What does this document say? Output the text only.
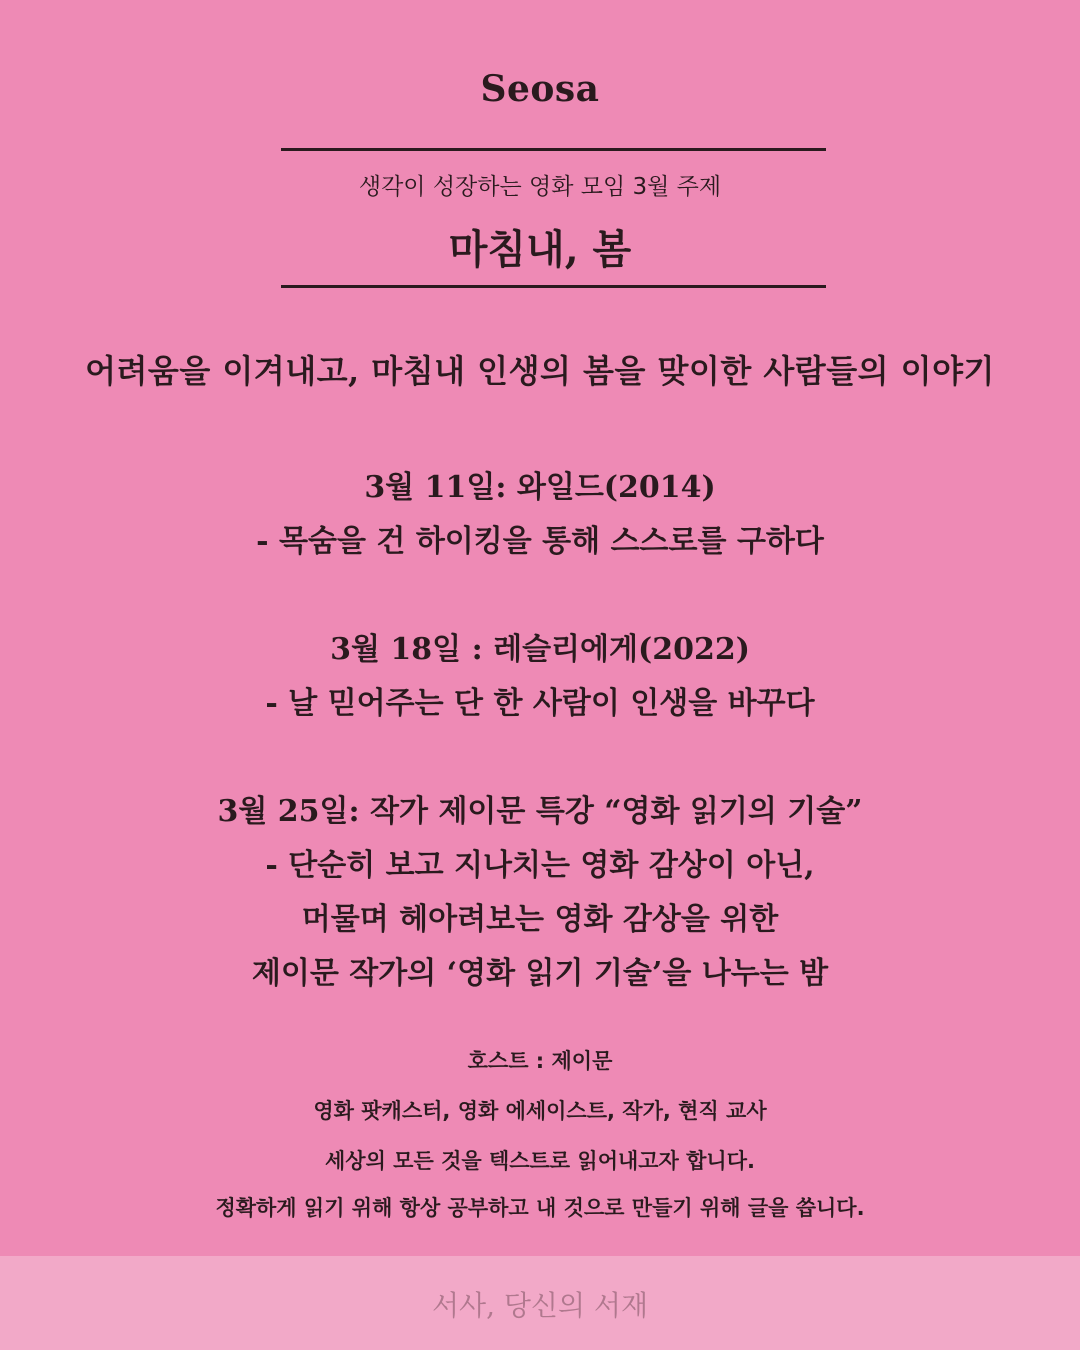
Seosa
생각이 성장하는 영화 모임 3월 주제
마침내, 봄
어려움을 이겨내고, 마침내 인생의 봄을 맞이한 사람들의 이야기
3월 11일: 와일드(2014)
- 목숨을 건 하이킹을 통해 스스로를 구하다
3월 18일 : 레슬리에게(2022)
- 날 믿어주는 단 한 사람이 인생을 바꾸다
3월 25일: 작가 제이문 특강 “영화 읽기의 기술”
- 단순히 보고 지나치는 영화 감상이 아닌,
머물며 헤아려보는 영화 감상을 위한
제이문 작가의 ‘영화 읽기 기술’을 나누는 밤
호스트 : 제이문
영화 팟캐스터, 영화 에세이스트, 작가, 현직 교사
세상의 모든 것을 텍스트로 읽어내고자 합니다.
정확하게 읽기 위해 항상 공부하고 내 것으로 만들기 위해 글을 씁니다.
서사, 당신의 서재
